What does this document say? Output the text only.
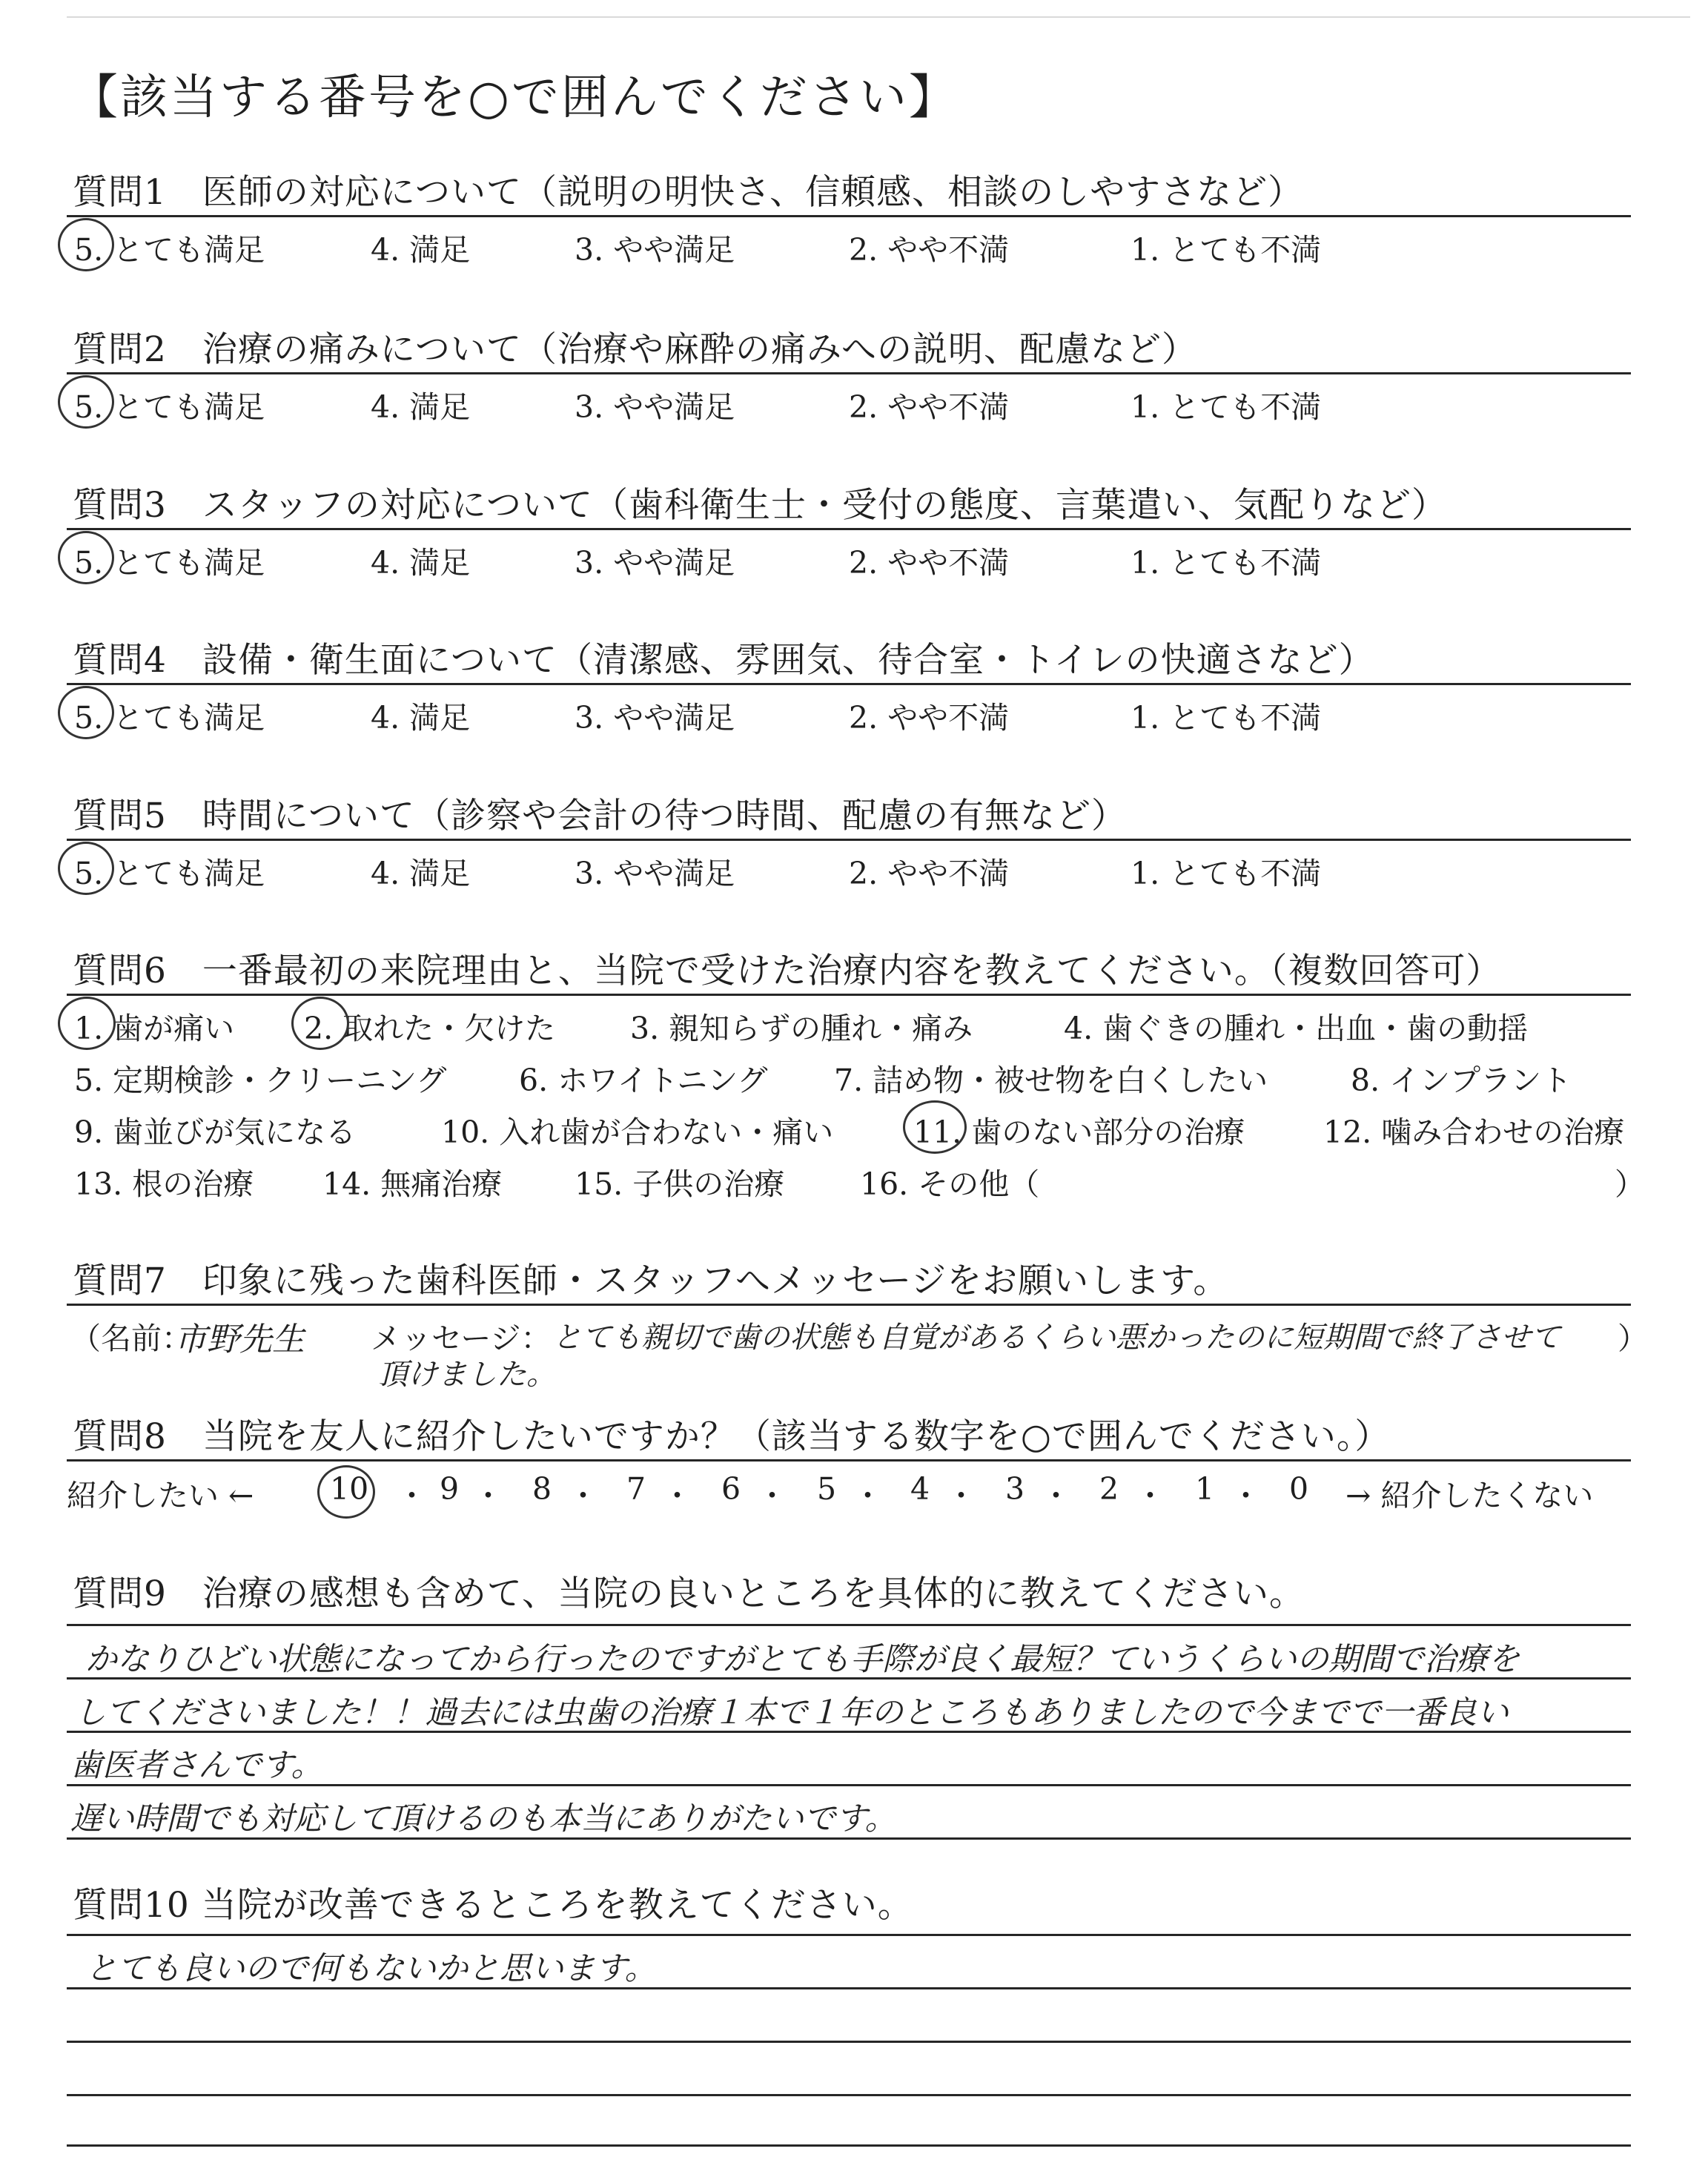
【該当する番号を○で囲んでください】
質問1　医師の対応について（説明の明快さ、信頼感、相談のしやすさなど）
5. とても満足	4. 満足	3. やや満足	2. やや不満	1. とても不満
質問2　治療の痛みについて（治療や麻酔の痛みへの説明、配慮など）
5. とても満足	4. 満足	3. やや満足	2. やや不満	1. とても不満
質問3　スタッフの対応について（歯科衛生士・受付の態度、言葉遣い、気配りなど）
5. とても満足	4. 満足	3. やや満足	2. やや不満	1. とても不満
質問4　設備・衛生面について（清潔感、雰囲気、待合室・トイレの快適さなど）
5. とても満足	4. 満足	3. やや満足	2. やや不満	1. とても不満
質問5　時間について（診察や会計の待つ時間、配慮の有無など）
5. とても満足	4. 満足	3. やや満足	2. やや不満	1. とても不満
質問6　一番最初の来院理由と、当院で受けた治療内容を教えてください。（複数回答可）
1. 歯が痛い 2. 取れた・欠けた 3. 親知らずの腫れ・痛み	4. 歯ぐきの腫れ・出血・歯の動揺
5. 定期検診・クリーニング 6. ホワイトニング 7. 詰め物・被せ物を白くしたい	8. インプラント
9. 歯並びが気になる	10. 入れ歯が合わない・痛い	11. 歯のない部分の治療	12. 噛み合わせの治療
13. 根の治療 14. 無痛治療 15. 子供の治療 16. その他（	）
質問7　印象に残った歯科医師・スタッフへメッセージをお願いします。
（名前：
市野先生 メッセージ： とても親切で歯の状態も自覚があるくらい悪かったのに短期間で終了させて
頂けました。
）
質問8　当院を友人に紹介したいですか？（該当する数字を○で囲んでください。）
紹介したい ←	10 ・ 9 ・ 8 ・ 7 ・ 6 ・ 5 ・ 4 ・ 3 ・ 2 ・ 1 ・ 0 → 紹介したくない
質問9　治療の感想も含めて、当院の良いところを具体的に教えてください。
かなりひどい状態になってから行ったのですがとても手際が良く最短？ていうくらいの期間で治療を
してくださいました！！過去には虫歯の治療１本で１年のところもありましたので今までで一番良い
歯医者さんです。
遅い時間でも対応して頂けるのも本当にありがたいです。
質問10 当院が改善できるところを教えてください。
とても良いので何もないかと思います。
